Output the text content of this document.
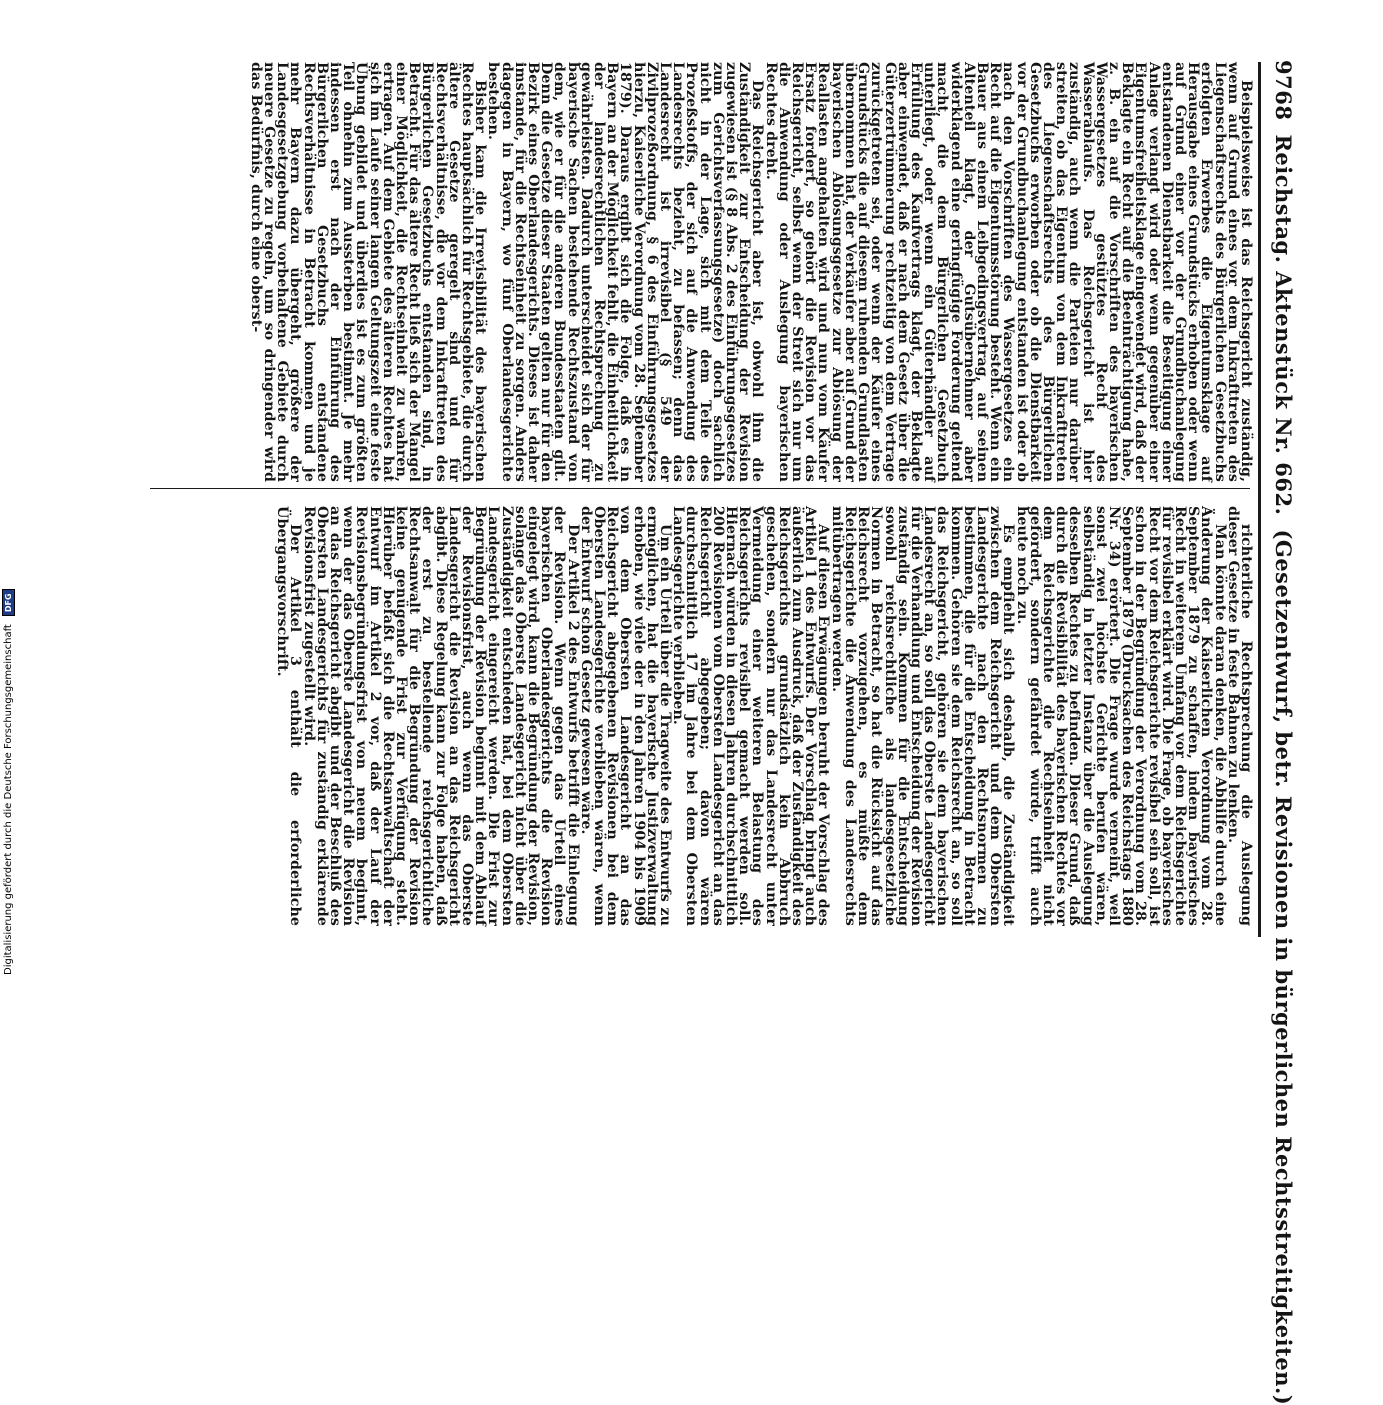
9768
Reichstag. Aktenstück Nr. 662.
(Gesetzentwurf, betr. Revisionen in bürgerlichen Rechtsstreitigkeiten.)

Beispielsweise ist das Reichsgericht zuständig, wenn auf Grund eines vor dem Inkrafttreten des Liegenschaftsrechts des Bürgerlichen Gesetzbuchs erfolgten Erwerbes die Eigentumsklage auf Herausgabe eines Grundstücks erhoben oder wenn auf Grund einer vor der Grundbuchanlegung entstandenen Dienstbarkeit die Beseitigung einer Anlage verlangt wird oder wenn gegenüber einer Eigentumsfreiheitsklage eingewendet wird, daß der Beklagte ein Recht auf die Beeinträchtigung habe, z. B. ein auf die Vorschriften des bayerischen Wassergesetzes gestütztes Recht des Wasserablaufs. Das Reichsgericht ist hier zuständig, auch wenn die Parteien nur darüber streiten, ob das Eigentum von dem Inkrafttreten des Liegenschaftsrechts des Bürgerlichen Gesetzbuchs erworben oder ob die Dienstbarkeit vor der Grundbuchanlegung entstanden ist oder ob nach den Vorschriften des Wassergesetzes ein Recht auf die Eigentumsstörung besteht. Wenn ein Bauer aus einem Leibgedingsvertrag, auf seinen Altenteil klagt, der Gutsübernehmer aber widerklagend eine geringfügige Forderung geltend macht, die dem Bürgerlichen Gesetzbuch unterliegt, oder wenn ein Güterhändler auf Erfüllung des Kaufvertrags klagt, der Beklagte aber einwendet, daß er nach dem Gesetz über die Güterzertrümmerung rechtzeitig von dem Vertrage zurückgetreten sei, oder wenn der Käufer eines Grundstücks die auf diesem ruhenden Grundlasten übernommen hat, der Verkäufer aber auf Grund der bayerischen Ablösungsgesetze zur Ablösung der Reallasten angehalten wird und nun vom Käufer Ersatz fordert, so gehört die Revision vor das Reichsgericht, selbst wenn der Streit sich nur um die Anwendung oder Auslegung bayerischen Rechtes dreht.

Das Reichsgericht aber ist, obwohl ihm die Zuständigkeit zur Entscheidung der Revision zugewiesen ist (§ 8 Abs. 2 des Einführungsgesetzes zum Gerichtsverfassungsgesetze) doch sachlich nicht in der Lage, sich mit dem Teile des Prozeßstoffs, der sich auf die Anwendung des Landesrechts bezieht, zu befassen; denn das Landesrecht ist irrevisibel (§ 549 der Zivilprozeßordnung, § 6 des Einführungsgesetzes hierzu, Kaiserliche Verordnung vom 28. September 1879). Daraus ergibt sich die Folge, daß es in Bayern an der Möglichkeit fehlt, die Einheitlichkeit der landesrechtlichen Rechtsprechung zu gewährleisten. Dadurch unterscheidet sich der für bayerische Sachen bestehende Rechtszustand von dem, wie er für die anderen Bundesstaaten gilt. Denn die Gesetze dieser Staaten gelten nur für den Bezirk eines Oberlandesgerichts. Dieses ist daher imstande, für die Rechtseinheit zu sorgen. Anders dagegen in Bayern, wo fünf Oberlandesgerichte bestehen.

Bisher kam die Irrevisibilität des bayerischen Rechtes hauptsächlich für Rechtsgebiete, die durch ältere Gesetze geregelt sind und für Rechtsverhältnisse, die vor dem Inkrafttreten des Bürgerlichen Gesetzbuchs entstanden sind, in Betracht. Für das ältere Recht ließ sich der Mangel einer Möglichkeit, die Rechtseinheit zu wahren, ertragen. Auf dem Gebiete des älteren Rechtes hat sich im Laufe seiner langen Geltungszeit eine feste Übung gebildet und überdies ist es zum größten Teil ohnehin zum Aussterben bestimmt. Je mehr indessen erst nach der Einführung des Bürgerlichen Gesetzbuchs entstandene Rechtsverhältnisse in Betracht kommen und je mehr Bayern dazu übergeht, größere der Landesgesetzgebung vorbehaltene Gebiete durch neuere Gesetze zu regeln, um so dringender wird das Bedürfnis, durch eine oberst-

richterliche Rechtsprechung die Auslegung dieser Gesetze in feste Bahnen zu lenken.

Man könnte daran denken, die Abhilfe durch eine Änderung der Kaiserlichen Verordnung vom 28. September 1879 zu schaffen, indem bayerisches Recht in weiterem Umfang vor dem Reichsgerichte für revisibel erklärt wird. Die Frage, ob bayerisches Recht vor dem Reichsgerichte revisibel sein soll, ist schon in der Begründung der Verordnung vom 28. September 1879 (Drucksachen des Reichstags 1880 Nr. 34) erörtert. Die Frage wurde verneint, weil sonst zwei höchste Gerichte berufen wären, selbständig in letzter Instanz über die Auslegung desselben Rechtes zu befinden. Dieser Grund, daß durch die Revisibilität des bayerischen Rechtes vor dem Reichsgerichte die Rechtseinheit nicht gefördert, sondern gefährdet würde, trifft auch heute noch zu.

Es empfiehlt sich deshalb, die Zuständigkeit zwischen dem Reichsgericht und dem Obersten Landesgerichte nach den Rechtsnormen zu bestimmen, die für die Entscheidung in Betracht kommen. Gehören sie dem Reichsrecht an, so soll das Reichsgericht, gehören sie dem bayerischen Landesrecht an, so soll das Oberste Landesgericht für die Verhandlung und Entscheidung der Revision zuständig sein. Kommen für die Entscheidung sowohl reichsrechtliche als landesgesetzliche Normen in Betracht, so hat die Rücksicht auf das Reichsrecht vorzugehen, es müßte dem Reichsgerichte die Anwendung des Landesrechts mitübertragen werden.

Auf diesen Erwägungen beruht der Vorschlag des Artikel 1 des Entwurfs. Der Vorschlag bringt auch äußerlich zum Ausdruck, daß der Zuständigkeit des Reichsgerichts grundsätzlich kein Abbruch geschehen, sondern nur das Landesrecht unter Vermeidung einer weiteren Belastung des Reichsgerichts revisibel gemacht werden soll. Hiernach würden in diesen Jahren durchschnittlich 200 Revisionen vom Obersten Landesgericht an das Reichsgericht abgegeben; davon wären durchschnittlich 17 im Jahre bei dem Obersten Landesgerichte verblieben.

Um ein Urteil über die Tragweite des Entwurfs zu ermöglichen, hat die bayerische Justizverwaltung erhoben, wie viele der in den Jahren 1904 bis 1909 von dem Obersten Landesgericht an das Reichsgericht abgegebenen Revisionen bei dem Obersten Landesgerichte verblieben wären, wenn der Entwurf schon Gesetz gewesen wäre.

Der Artikel 2 des Entwurfs betrifft die Einlegung der Revision. Wenn gegen das Urteil eines bayerischen Oberlandesgerichts die Revision eingelegt wird, kann die Begründung der Revision, solange das Oberste Landesgericht nicht über die Zuständigkeit entschieden hat, bei dem Obersten Landesgericht eingereicht werden. Die Frist zur Begründung der Revision beginnt mit dem Ablauf der Revisionsfrist, auch wenn das Oberste Landesgericht die Revision an das Reichsgericht abgibt. Diese Regelung kann zur Folge haben, daß der erst zu bestellende reichsgerichtliche Rechtsanwalt für die Begründung der Revision keine genügende Frist zur Verfügung steht. Hierüber befaßt sich die Rechtsanwaltschaft der Entwurf im Artikel 2 vor, daß der Lauf der Revisionsbegründungsfrist von neuem beginnt, wenn der das Oberste Landesgericht die Revision an das Reichsgericht abgibt und der Beschluß des Obersten Landesgerichts für zuständig erklärende Revisionsfrist zugestellt wird.

Der Artikel 3 enthält die erforderliche Übergangsvorschrift.

Digitalisierung gefördert durch die Deutsche Forschungsgemeinschaft
DFG
